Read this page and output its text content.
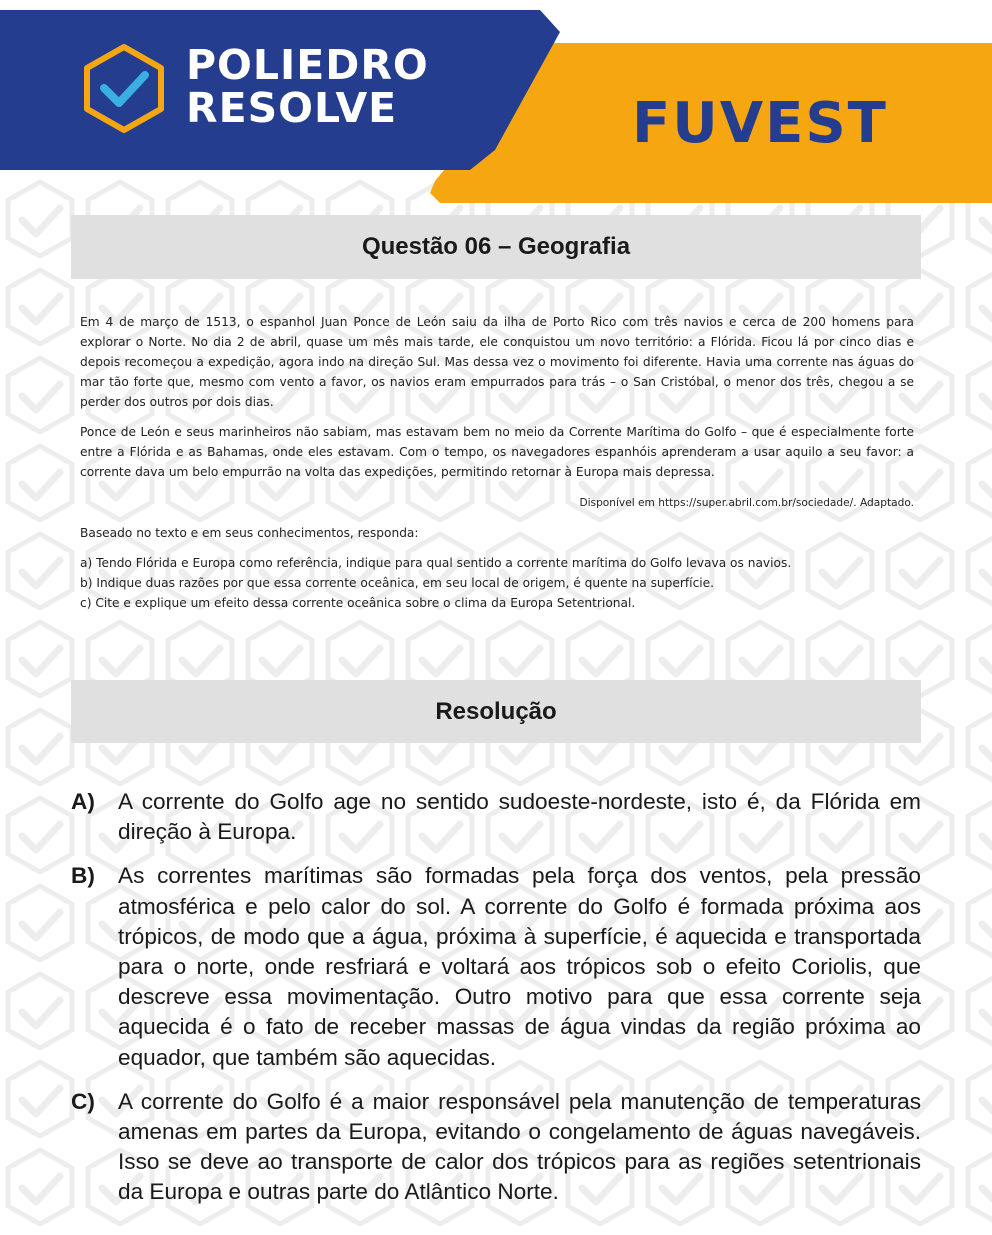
POLIEDRO
RESOLVE	FUVEST
Questão 06 – Geografia

Em 4 de março de 1513, o espanhol Juan Ponce de León saiu da ilha de Porto Rico com três navios e cerca de 200 homens para explorar o Norte. No dia 2 de abril, quase um mês mais tarde, ele conquistou um novo território: a Flórida. Ficou lá por cinco dias e depois recomeçou a expedição, agora indo na direção Sul. Mas dessa vez o movimento foi diferente. Havia uma corrente nas águas do mar tão forte que, mesmo com vento a favor, os navios eram empurrados para trás – o San Cristóbal, o menor dos três, chegou a se perder dos outros por dois dias.

Ponce de León e seus marinheiros não sabiam, mas estavam bem no meio da Corrente Marítima do Golfo – que é especialmente forte entre a Flórida e as Bahamas, onde eles estavam. Com o tempo, os navegadores espanhóis aprenderam a usar aquilo a seu favor: a corrente dava um belo empurrão na volta das expedições, permitindo retornar à Europa mais depressa.

Disponível em https://super.abril.com.br/sociedade/. Adaptado.
Baseado no texto e em seus conhecimentos, responda:
a) Tendo Flórida e Europa como referência, indique para qual sentido a corrente marítima do Golfo levava os navios.
b) Indique duas razões por que essa corrente oceânica, em seu local de origem, é quente na superfície.
c) Cite e explique um efeito dessa corrente oceânica sobre o clima da Europa Setentrional.
Resolução
A)	A corrente do Golfo age no sentido sudoeste-nordeste, isto é, da Flórida em direção à Europa.
B)	As correntes marítimas são formadas pela força dos ventos, pela pressão atmosférica e pelo calor do sol. A corrente do Golfo é formada próxima aos trópicos, de modo que a água, próxima à superfície, é aquecida e transportada para o norte, onde resfriará e voltará aos trópicos sob o efeito Coriolis, que descreve essa movimentação. Outro motivo para que essa corrente seja aquecida é o fato de receber massas de água vindas da região próxima ao equador, que também são aquecidas.
C)	A corrente do Golfo é a maior responsável pela manutenção de temperaturas amenas em partes da Europa, evitando o congelamento de águas navegáveis. Isso se deve ao transporte de calor dos trópicos para as regiões setentrionais da Europa e outras parte do Atlântico Norte.
